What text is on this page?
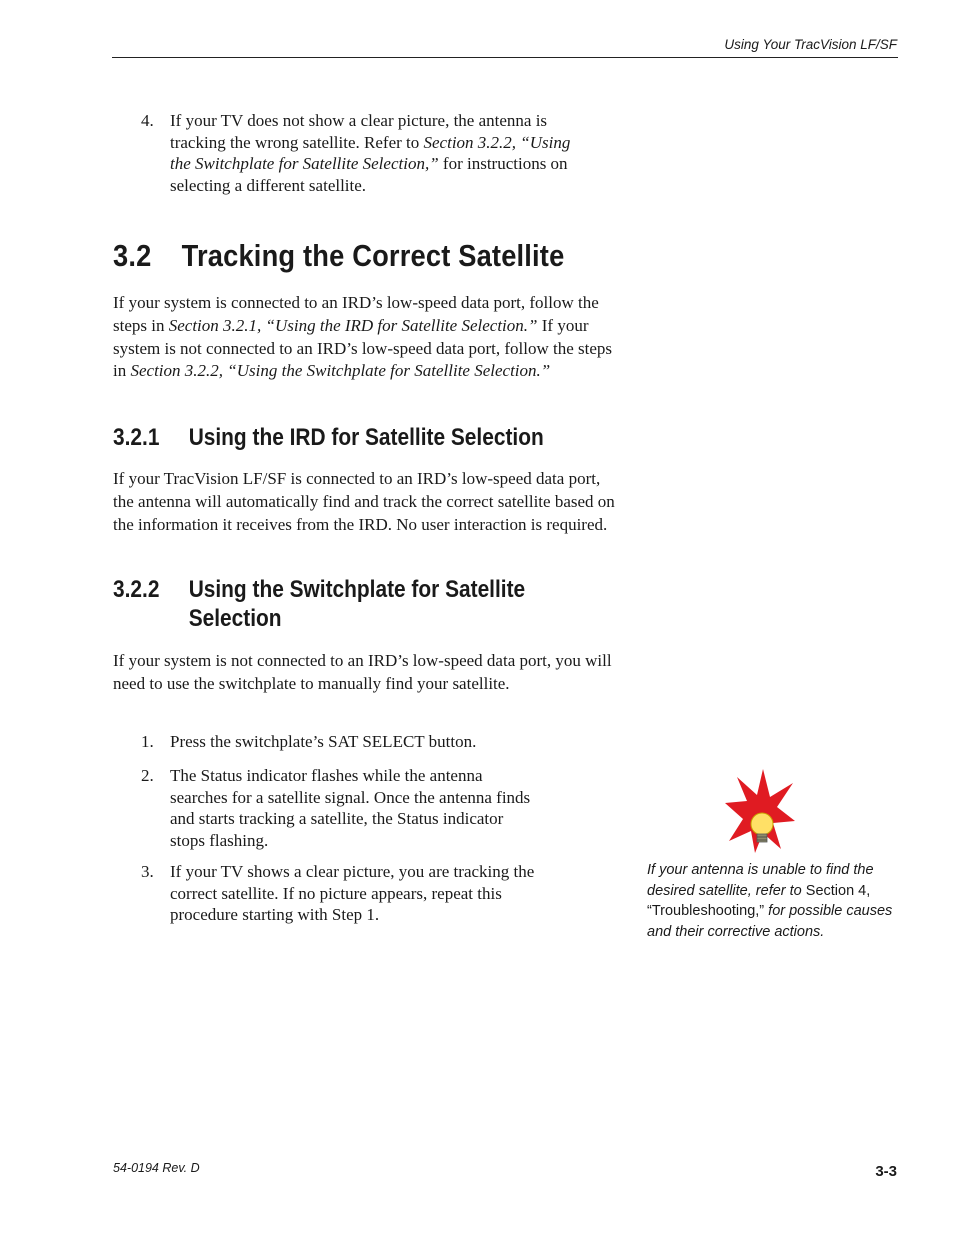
Using Your TracVision LF/SF
4. If your TV does not show a clear picture, the antenna is tracking the wrong satellite. Refer to Section 3.2.2, “Using the Switchplate for Satellite Selection,” for instructions on selecting a different satellite.
3.2 Tracking the Correct Satellite
If your system is connected to an IRD’s low-speed data port, follow the steps in Section 3.2.1, “Using the IRD for Satellite Selection.” If your system is not connected to an IRD’s low-speed data port, follow the steps in Section 3.2.2, “Using the Switchplate for Satellite Selection.”
3.2.1 Using the IRD for Satellite Selection
If your TracVision LF/SF is connected to an IRD’s low-speed data port, the antenna will automatically find and track the correct satellite based on the information it receives from the IRD. No user interaction is required.
3.2.2 Using the Switchplate for Satellite
Selection
If your system is not connected to an IRD’s low-speed data port, you will need to use the switchplate to manually find your satellite.
1. Press the switchplate’s SAT SELECT button.
2. The Status indicator flashes while the antenna searches for a satellite signal. Once the antenna finds and starts tracking a satellite, the Status indicator stops flashing.
3. If your TV shows a clear picture, you are tracking the correct satellite. If no picture appears, repeat this procedure starting with Step 1.
If your antenna is unable to find the desired satellite, refer to Section 4, “Troubleshooting,” for possible causes and their corrective actions.
54-0194 Rev. D	3-3
